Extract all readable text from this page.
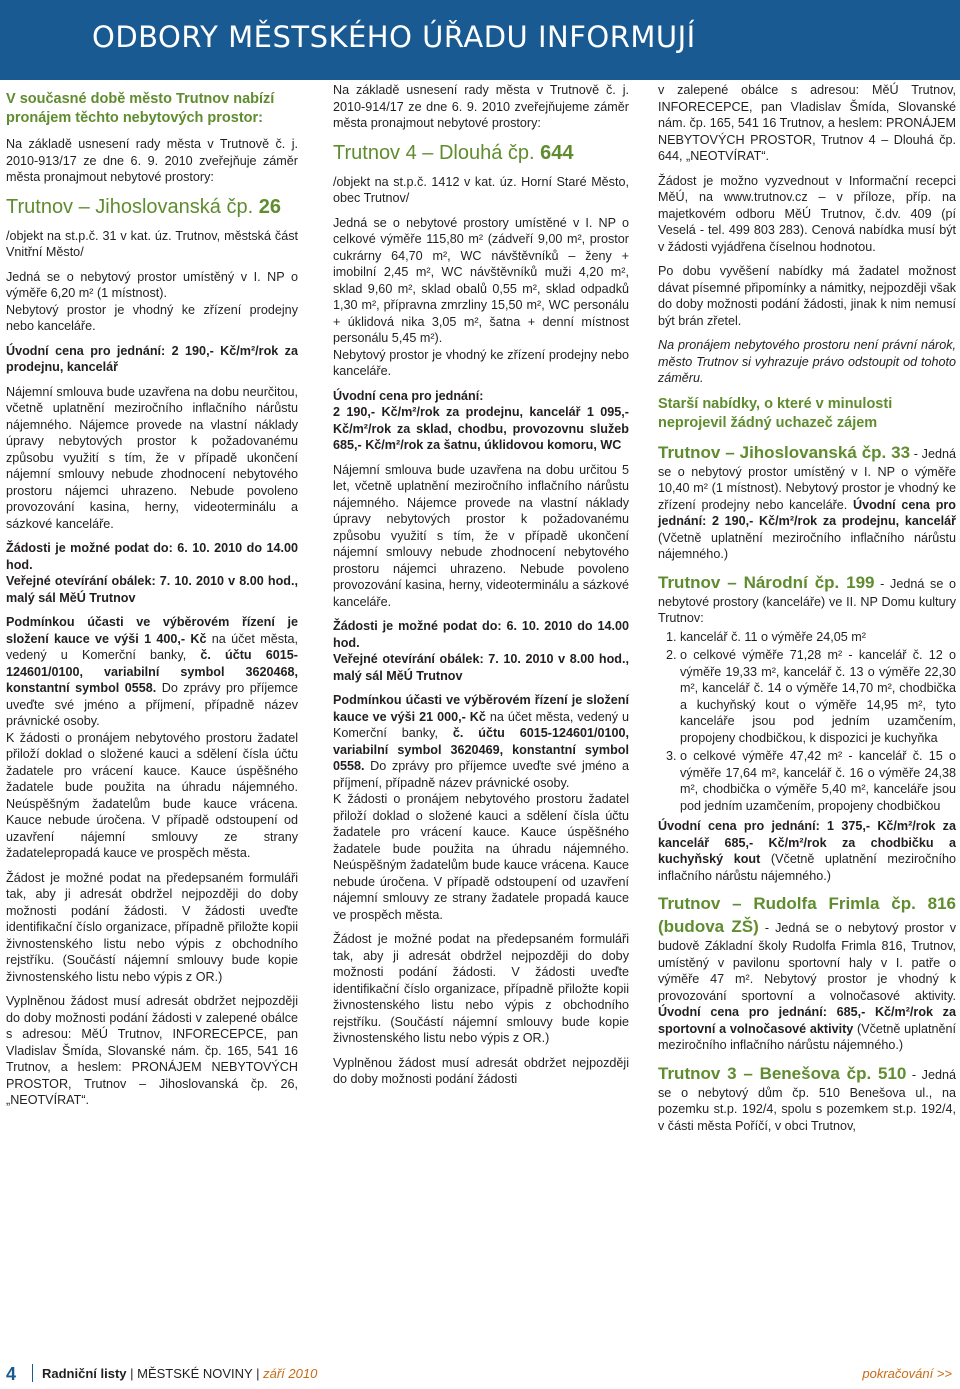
ODBORY MĚSTSKÉHO ÚŘADU INFORMUJÍ
V současné době město Trutnov nabízí pronájem těchto nebytových prostor:

Na základě usnesení rady města v Trutnově č. j. 2010-913/17 ze dne 6. 9. 2010 zveřejňuje záměr města pronajmout nebytové prostory:

Trutnov – Jihoslovanská čp. 26

/objekt na st.p.č. 31 v kat. úz. Trutnov, městská část Vnitřní Město/

Jedná se o nebytový prostor umístěný v I. NP o výměře 6,20 m² (1 místnost).

Nebytový prostor je vhodný ke zřízení prodejny nebo kanceláře.

Úvodní cena pro jednání: 2 190,- Kč/m²/rok za prodejnu, kancelář

Nájemní smlouva bude uzavřena na dobu neurčitou, včetně uplatnění meziročního inflačního nárůstu nájemného. Nájemce provede na vlastní náklady úpravy nebytových prostor k požadovanému způsobu využití s tím, že v případě ukončení nájemní smlouvy nebude zhodnocení nebytového prostoru nájemci uhrazeno. Nebude povoleno provozování kasina, herny, videoterminálu a sázkové kanceláře.

Žádosti je možné podat do: 6. 10. 2010 do 14.00 hod.

Veřejné otevírání obálek: 7. 10. 2010 v 8.00 hod., malý sál MěÚ Trutnov

Podmínkou účasti ve výběrovém řízení je složení kauce ve výši 1 400,- Kč na účet města, vedený u Komerční banky, č. účtu 6015-124601/0100, variabilní symbol 3620468, konstantní symbol 0558. Do zprávy pro příjemce uveďte své jméno a příjmení, případně název právnické osoby.

K žádosti o pronájem nebytového prostoru žadatel přiloží doklad o složené kauci a sdělení čísla účtu žadatele pro vrácení kauce. Kauce úspěšného žadatele bude použita na úhradu nájemného. Neúspěšným žadatelům bude kauce vrácena. Kauce nebude úročena. V případě odstoupení od uzavření nájemní smlouvy ze strany žadatelepropadá kauce ve prospěch města.

Žádost je možné podat na předepsaném formuláři tak, aby ji adresát obdržel nejpozději do doby možnosti podání žádosti. V žádosti uveďte identifikační číslo organizace, případně přiložte kopii živnostenského listu nebo výpis z obchodního rejstříku. (Součástí nájemní smlouvy bude kopie živnostenského listu nebo výpis z OR.)

Vyplněnou žádost musí adresát obdržet nejpozději do doby možnosti podání žádosti v zalepené obálce s adresou: MěÚ Trutnov, INFORECEPCE, pan Vladislav Šmída, Slovanské nám. čp. 165, 541 16 Trutnov, a heslem: PRONÁJEM NEBYTOVÝCH PROSTOR, Trutnov – Jihoslovanská čp. 26, „NEOTVÍRAT“.

Na základě usnesení rady města v Trutnově č. j. 2010-914/17 ze dne 6. 9. 2010 zveřejňujeme záměr města pronajmout nebytové prostory:

Trutnov 4 – Dlouhá čp. 644

/objekt na st.p.č. 1412 v kat. úz. Horní Staré Město, obec Trutnov/

Jedná se o nebytové prostory umístěné v I. NP o celkové výměře 115,80 m² (zádveří 9,00 m², prostor cukrárny 64,70 m², WC návštěvníků – ženy + imobilní 2,45 m², WC návštěvníků muži 4,20 m², sklad 9,60 m², sklad obalů 0,55 m², sklad odpadků 1,30 m², přípravna zmrzliny 15,50 m², WC personálu + úklidová nika 3,05 m², šatna + denní místnost personálu 5,45 m²).

Nebytový prostor je vhodný ke zřízení prodejny nebo kanceláře.

Úvodní cena pro jednání:

2 190,- Kč/m²/rok za prodejnu, kancelář 1 095,- Kč/m²/rok za sklad, chodbu, provozovnu služeb 685,- Kč/m²/rok za šatnu, úklidovou komoru, WC

Nájemní smlouva bude uzavřena na dobu určitou 5 let, včetně uplatnění meziročního inflačního nárůstu nájemného. Nájemce provede na vlastní náklady úpravy nebytových prostor k požadovanému způsobu využití s tím, že v případě ukončení nájemní smlouvy nebude zhodnocení nebytového prostoru nájemci uhrazeno. Nebude povoleno provozování kasina, herny, videoterminálu a sázkové kanceláře.

Žádosti je možné podat do: 6. 10. 2010 do 14.00 hod.

Veřejné otevírání obálek: 7. 10. 2010 v 8.00 hod., malý sál MěÚ Trutnov

Podmínkou účasti ve výběrovém řízení je složení kauce ve výši 21 000,- Kč na účet města, vedený u Komerční banky, č. účtu 6015-124601/0100, variabilní symbol 3620469, konstantní symbol 0558. Do zprávy pro příjemce uveďte své jméno a příjmení, případně název právnické osoby.

K žádosti o pronájem nebytového prostoru žadatel přiloží doklad o složené kauci a sdělení čísla účtu žadatele pro vrácení kauce. Kauce úspěšného žadatele bude použita na úhradu nájemného. Neúspěšným žadatelům bude kauce vrácena. Kauce nebude úročena. V případě odstoupení od uzavření nájemní smlouvy ze strany žadatele propadá kauce ve prospěch města.

Žádost je možné podat na předepsaném formuláři tak, aby ji adresát obdržel nejpozději do doby možnosti podání žádosti. V žádosti uveďte identifikační číslo organizace, případně přiložte kopii živnostenského listu nebo výpis z obchodního rejstříku. (Součástí nájemní smlouvy bude kopie živnostenského listu nebo výpis z OR.)

Vyplněnou žádost musí adresát obdržet nejpozději do doby možnosti podání žádosti

v zalepené obálce s adresou: MěÚ Trutnov, INFORECEPCE, pan Vladislav Šmída, Slovanské nám. čp. 165, 541 16 Trutnov, a heslem: PRONÁJEM NEBYTOVÝCH PROSTOR, Trutnov 4 – Dlouhá čp. 644, „NEOTVÍRAT“.

Žádost je možno vyzvednout v Informační recepci MěÚ, na www.trutnov.cz – v příloze, příp. na majetkovém odboru MěÚ Trutnov, č.dv. 409 (pí Veselá - tel. 499 803 283). Cenová nabídka musí být v žádosti vyjádřena číselnou hodnotou.

Po dobu vyvěšení nabídky má žadatel možnost dávat písemné připomínky a námitky, nejpozději však do doby možnosti podání žádosti, jinak k nim nemusí být brán zřetel.

Na pronájem nebytového prostoru není právní nárok, město Trutnov si vyhrazuje právo odstoupit od tohoto záměru.

Starší nabídky, o které v minulosti neprojevil žádný uchazeč zájem

Trutnov – Jihoslovanská čp. 33 - Jedná se o nebytový prostor umístěný v I. NP o výměře 10,40 m² (1 místnost). Nebytový prostor je vhodný ke zřízení prodejny nebo kanceláře. Úvodní cena pro jednání: 2 190,- Kč/m²/rok za prodejnu, kancelář (Včetně uplatnění meziročního inflačního nárůstu nájemného.)

Trutnov – Národní čp. 199 - Jedná se o nebytové prostory (kanceláře) ve II. NP Domu kultury Trutnov:

1. kancelář č. 11 o výměře 24,05 m²
2. o celkové výměře 71,28 m² - kancelář č. 12 o výměře 19,33 m², kancelář č. 13 o výměře 22,30 m², kancelář č. 14 o výměře 14,70 m², chodbička a kuchyňský kout o výměře 14,95 m², tyto kanceláře jsou pod jedním uzamčením, propojeny chodbičkou, k dispozici je kuchyňka
3. o celkové výměře 47,42 m² - kancelář č. 15 o výměře 17,64 m², kancelář č. 16 o výměře 24,38 m², chodbička o výměře 5,40 m², kanceláře jsou pod jedním uzamčením, propojeny chodbičkou

Úvodní cena pro jednání: 1 375,- Kč/m²/rok za kancelář 685,- Kč/m²/rok za chodbičku a kuchyňský kout (Včetně uplatnění meziročního inflačního nárůstu nájemného.)

Trutnov – Rudolfa Frimla čp. 816 (budova ZŠ) - Jedná se o nebytový prostor v budově Základní školy Rudolfa Frimla 816, Trutnov, umístěný v pavilonu sportovní haly v I. patře o výměře 47 m². Nebytový prostor je vhodný k provozování sportovní a volnočasové aktivity. Úvodní cena pro jednání: 685,- Kč/m²/rok za sportovní a volnočasové aktivity (Včetně uplatnění meziročního inflačního nárůstu nájemného.)

Trutnov 3 – Benešova čp. 510 - Jedná se o nebytový dům čp. 510 Benešova ul., na pozemku st.p. 192/4, spolu s pozemkem st.p. 192/4, v části města Poříčí, v obci Trutnov,

4 Radniční listy | MĚSTSKÉ NOVINY | září 2010	pokračování >>
